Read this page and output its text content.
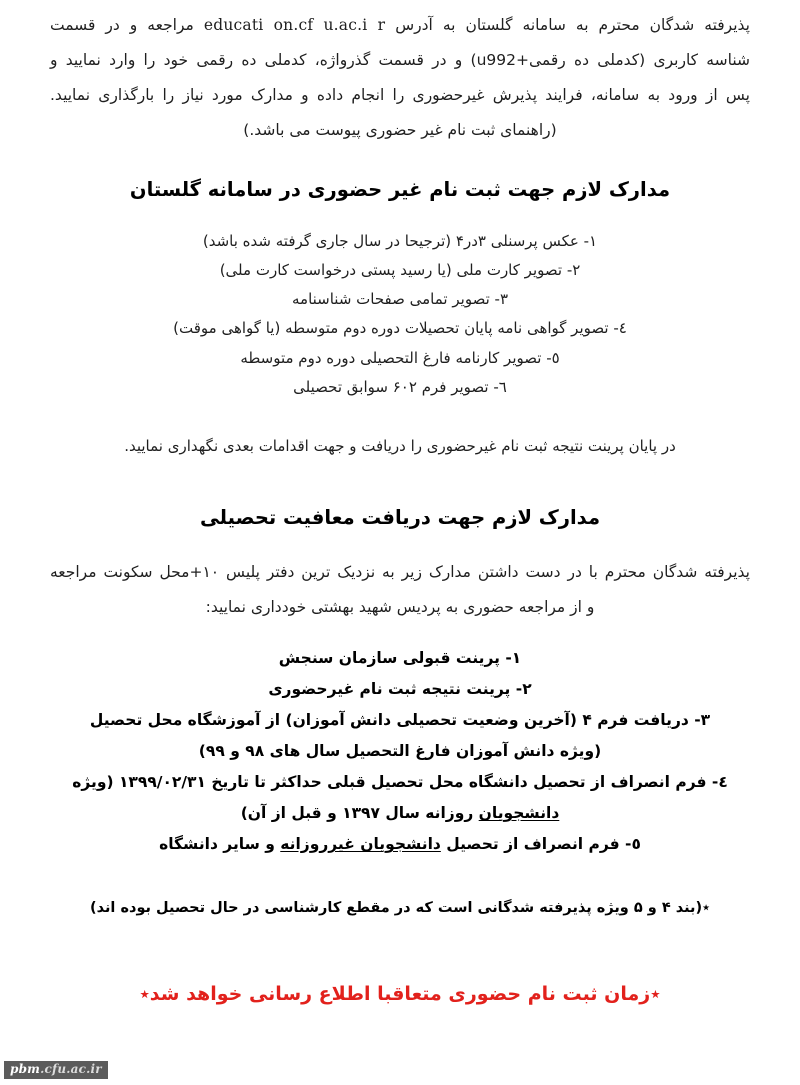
پذیرفته شدگان محترم به سامانه گلستان به آدرس educati on.cf u.ac.i r مراجعه و در قسمت
شناسه کاربری (کدملی ده رقمی+u992) و در قسمت گذرواژه، کدملی ده رقمی خود را وارد نمایید و
پس از ورود به سامانه، فرایند پذیرش غیرحضوری را انجام داده و مدارک مورد نیاز را بارگذاری نمایید.
(راهنمای ثبت نام غیر حضوری پیوست می باشد.)
مدارک لازم جهت ثبت نام غیر حضوری در سامانه گلستان
١- عکس پرسنلی ٣در۴ (ترجیحا در سال جاری گرفته شده باشد)
٢- تصویر کارت ملی (یا رسید پستی درخواست کارت ملی)
٣- تصویر تمامی صفحات شناسنامه
٤- تصویر گواهی نامه پایان تحصیلات دوره دوم متوسطه (یا گواهی موقت)
٥- تصویر کارنامه فارغ التحصیلی دوره دوم متوسطه
٦- تصویر فرم ۶۰۲ سوابق تحصیلی

در پایان پرینت نتیجه ثبت نام غیرحضوری را دریافت و جهت اقدامات بعدی نگهداری نمایید.

مدارک لازم جهت دریافت معافیت تحصیلی
پذیرفته شدگان محترم با در دست داشتن مدارک زیر به نزدیک ترین دفتر پلیس ۱۰+محل سکونت مراجعه
و از مراجعه حضوری به پردیس شهید بهشتی خودداری نمایید:
١- پرینت قبولی سازمان سنجش
٢- پرینت نتیجه ثبت نام غیرحضوری
٣- دریافت فرم ۴ (آخرین وضعیت تحصیلی دانش آموزان) از آموزشگاه محل تحصیل
(ویژه دانش آموزان فارغ التحصیل سال های ۹۸ و ۹۹)
٤- فرم انصراف از تحصیل دانشگاه محل تحصیل قبلی حداکثر تا تاریخ ۱۳۹۹/۰۲/۳۱ (ویژه
دانشجویان روزانه سال ۱۳۹۷ و قبل از آن)
٥- فرم انصراف از تحصیل دانشجویان غیرروزانه و سایر دانشگاه

٭(بند ۴ و ۵ ویژه پذیرفته شدگانی است که در مقطع کارشناسی در حال تحصیل بوده اند)

٭زمان ثبت نام حضوری متعاقبا اطلاع رسانی خواهد شد٭

pbm.cfu.ac.ir
